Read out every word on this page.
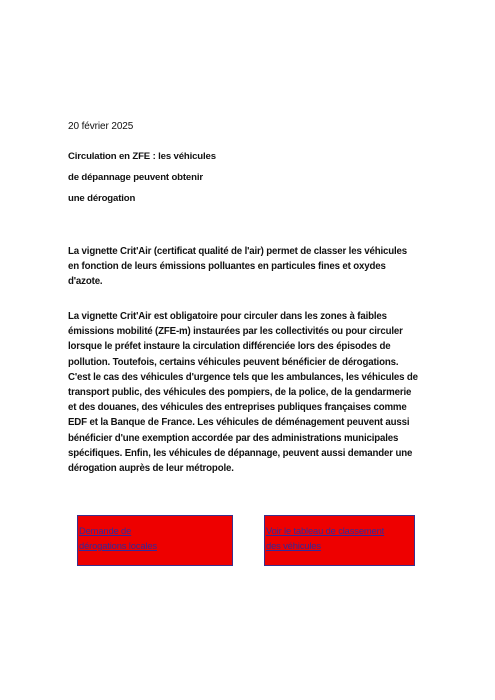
20 février 2025
Circulation en ZFE : les véhicules
de dépannage peuvent obtenir
une dérogation
La vignette Crit'Air (certificat qualité de l'air) permet de classer les véhicules
en fonction de leurs émissions polluantes en particules fines et oxydes
d'azote.
La vignette Crit'Air est obligatoire pour circuler dans les zones à faibles
émissions mobilité (ZFE-m) instaurées par les collectivités ou pour circuler
lorsque le préfet instaure la circulation différenciée lors des épisodes de
pollution. Toutefois, certains véhicules peuvent bénéficier de dérogations.
C'est le cas des véhicules d'urgence tels que les ambulances, les véhicules de
transport public, des véhicules des pompiers, de la police, de la gendarmerie
et des douanes, des véhicules des entreprises publiques françaises comme
EDF et la Banque de France. Les véhicules de déménagement peuvent aussi
bénéficier d'une exemption accordée par des administrations municipales
spécifiques. Enfin, les véhicules de dépannage, peuvent aussi demander une
dérogation auprès de leur métropole.
Demande de
dérogations locales
Voir le tableau de classement
des véhicules
